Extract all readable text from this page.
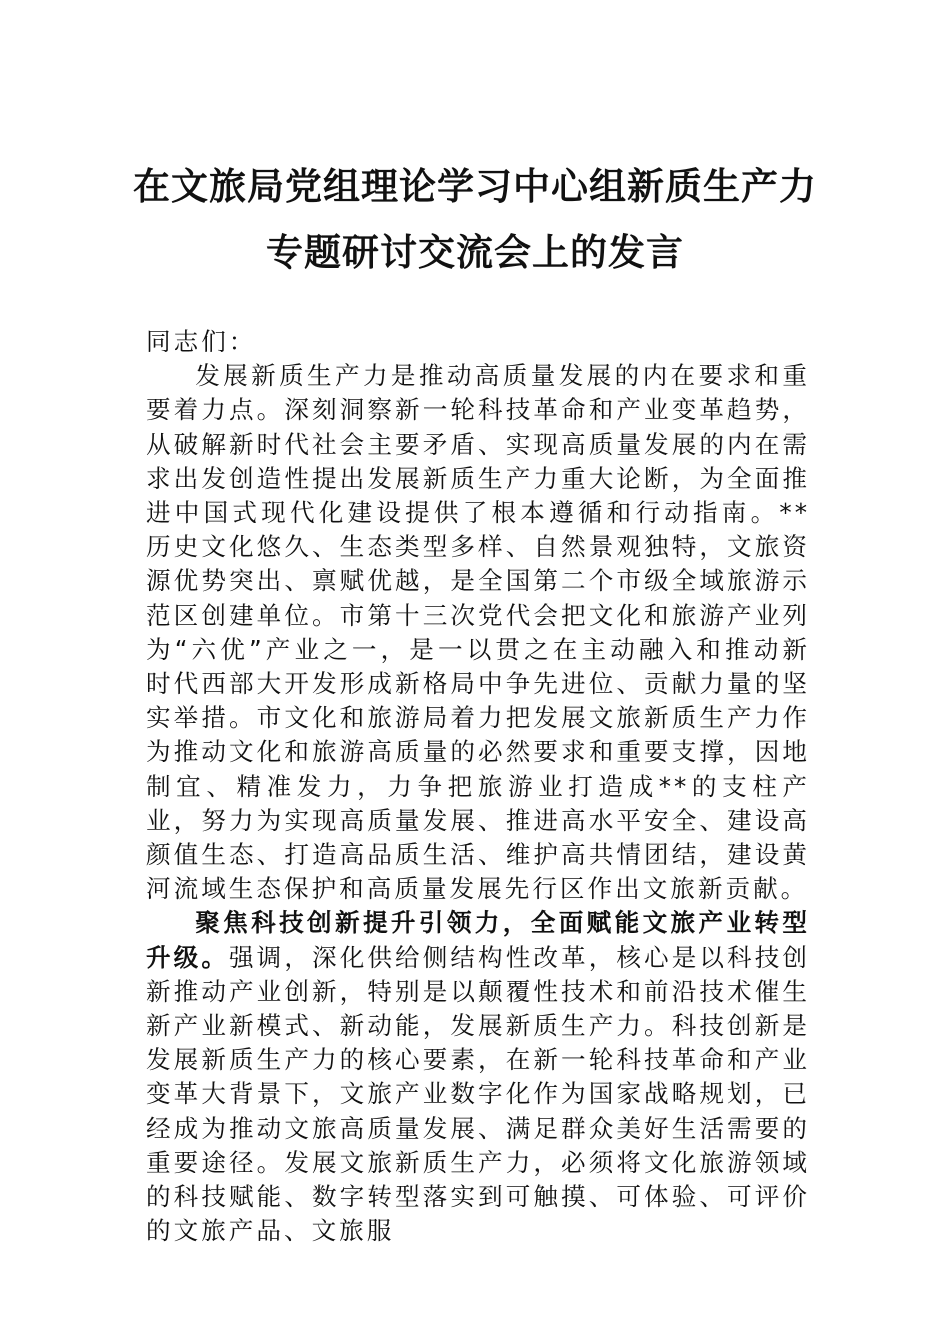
在文旅局党组理论学习中心组新质生产力
专题研讨交流会上的发言

同志们：

发展新质生产力是推动高质量发展的内在要求和重要着力点。深刻洞察新一轮科技革命和产业变革趋势，从破解新时代社会主要矛盾、实现高质量发展的内在需求出发创造性提出发展新质生产力重大论断，为全面推进中国式现代化建设提供了根本遵循和行动指南。**历史文化悠久、生态类型多样、自然景观独特，文旅资源优势突出、禀赋优越，是全国第二个市级全域旅游示范区创建单位。市第十三次党代会把文化和旅游产业列为“六优”产业之一，是一以贯之在主动融入和推动新时代西部大开发形成新格局中争先进位、贡献力量的坚实举措。市文化和旅游局着力把发展文旅新质生产力作为推动文化和旅游高质量的必然要求和重要支撑，因地制宜、精准发力，力争把旅游业打造成**的支柱产业，努力为实现高质量发展、推进高水平安全、建设高颜值生态、打造高品质生活、维护高共情团结，建设黄河流域生态保护和高质量发展先行区作出文旅新贡献。

聚焦科技创新提升引领力，全面赋能文旅产业转型升级。强调，深化供给侧结构性改革，核心是以科技创新推动产业创新，特别是以颠覆性技术和前沿技术催生新产业新模式、新动能，发展新质生产力。科技创新是发展新质生产力的核心要素，在新一轮科技革命和产业变革大背景下，文旅产业数字化作为国家战略规划，已经成为推动文旅高质量发展、满足群众美好生活需要的重要途径。发展文旅新质生产力，必须将文化旅游领域的科技赋能、数字转型落实到可触摸、可体验、可评价的文旅产品、文旅服
